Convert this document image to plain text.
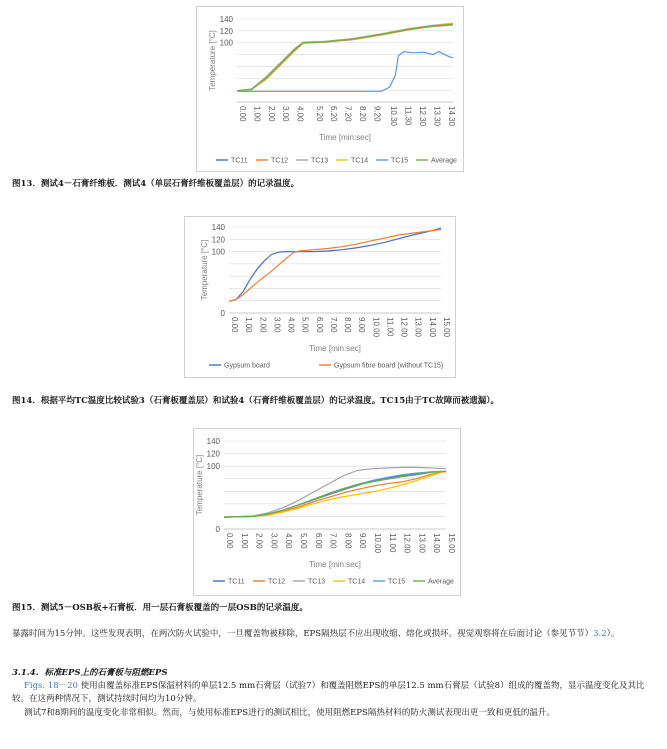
100
120
140
0.00 1.00 2.00 3.00 4.00 5.20 6.20 7.20 8.20 9.20 10.30 11.30 12.30 13.30 14.30
Temperature [°C]
Time [min:sec]
TC11	TC12	TC13	TC14	TC15	Average
图13．测试4－石膏纤维板．测试4（单层石膏纤维板覆盖层）的记录温度。
0
100
120
140
0.00 1.00 2.00 3.00 4.00 5.00 6.00 7.00 8.00 9.00 10.00 11.00 12.00 13.00 14.00 15.00
Temperature [°C]
Time [min:sec]
Gypsum board	Gypsum fibre board (without TC15)
图14．根据平均TC温度比较试验3（石膏板覆盖层）和试验4（石膏纤维板覆盖层）的记录温度。TC15由于TC故障而被遗漏）。
0
100
120
140
0.00 1.00 2.00 3.00 4.00 5.00 6.00 7.00 8.00 9.00 10.00 11.00 12.00 13.00 14.00 15.00
Temperature [°C]
Time [min:sec]
TC11	TC12	TC13	TC14	TC15	Average
图15．测试5－OSB板+石膏板．用一层石膏板覆盖的一层OSB的记录温度。
暴露时间为15分钟。这些发现表明，在两次防火试验中，一旦覆盖物被移除，EPS隔热层不应出现收缩、熔化或损坏。视觉观察将在后面讨论（参见节节）3.2）。
3.1.4. 标准EPS上的石膏板与阻燃EPS
Figs. 18－20 使用由覆盖标准EPS保温材料的单层12.5 mm石膏层（试验7）和覆盖阻燃EPS的单层12.5 mm石膏层（试验8）组成的覆盖物，显示温度变化及其比较。在这两种情况下，测试持续时间均为10分钟。
测试7和8期间的温度变化非常相似。然而，与使用标准EPS进行的测试相比，使用阻燃EPS隔热材料的防火测试表现出更一致和更低的温升。
